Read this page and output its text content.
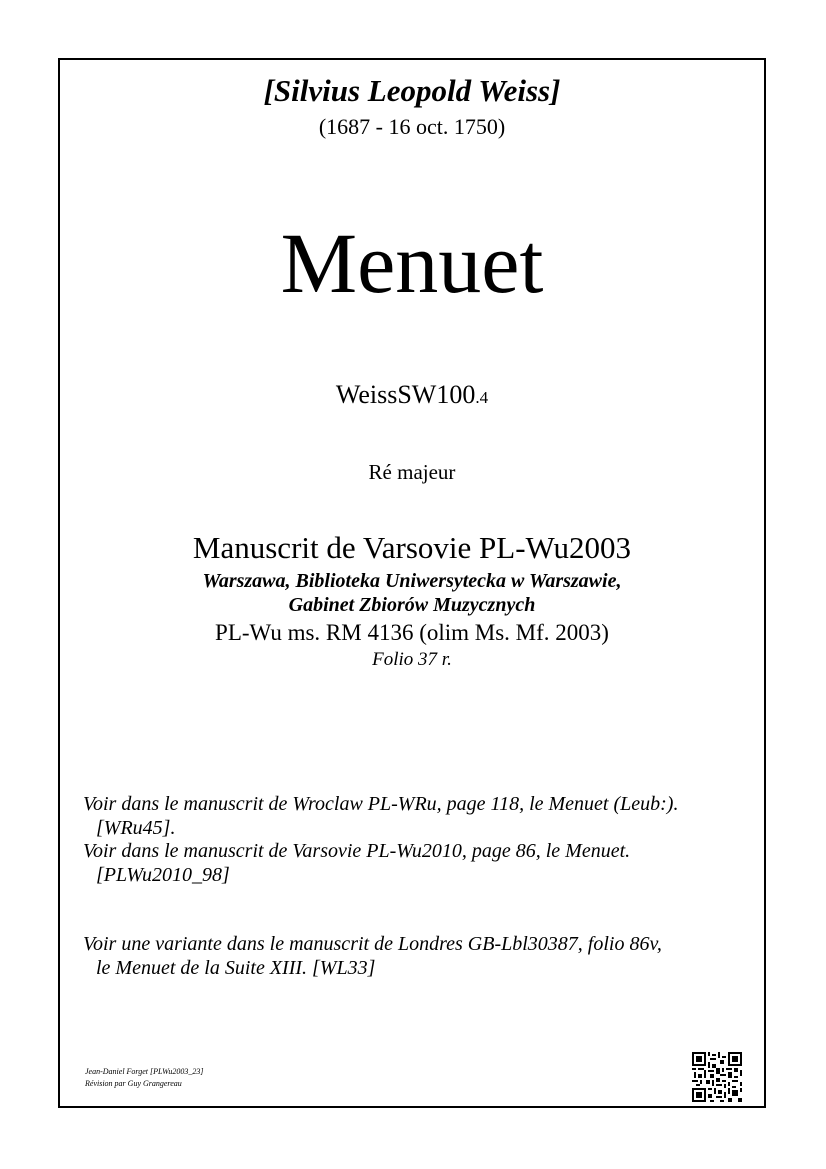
[Silvius Leopold Weiss]
(1687 - 16 oct. 1750)
Menuet
WeissSW100.4
Ré majeur
Manuscrit de Varsovie PL-Wu2003
Warszawa, Biblioteka Uniwersytecka w Warszawie,
Gabinet Zbiorów Muzycznych
PL-Wu ms. RM 4136 (olim Ms. Mf. 2003)
Folio 37 r.
Voir dans le manuscrit de Wroclaw PL-WRu, page 118, le Menuet (Leub:).
[WRu45].
Voir dans le manuscrit de Varsovie PL-Wu2010, page 86, le Menuet.
[PLWu2010_98]
Voir une variante dans le manuscrit de Londres GB-Lbl30387, folio 86v,
le Menuet de la Suite XIII. [WL33]
Jean-Daniel Forget [PLWu2003_23]
Révision par Guy Grangereau
